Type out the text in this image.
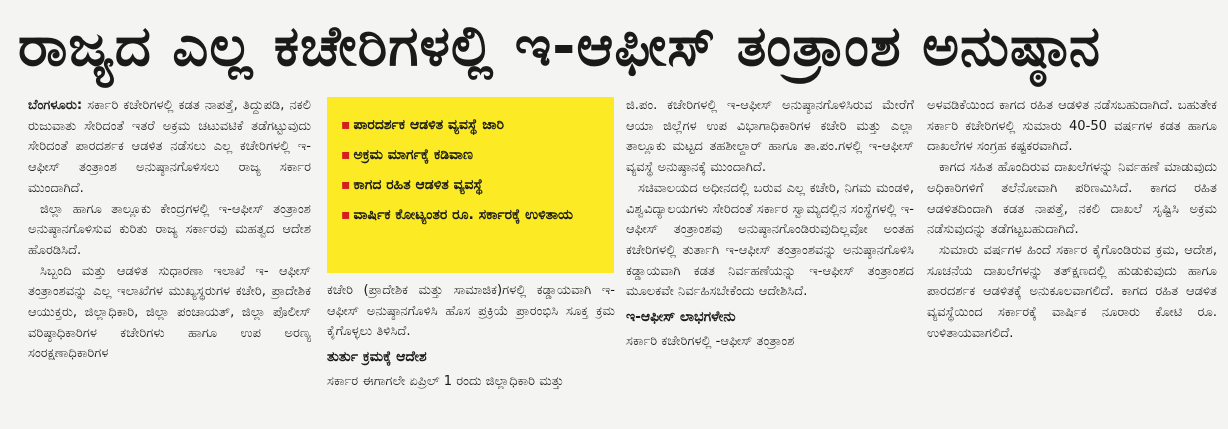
ರಾಜ್ಯದ ಎಲ್ಲ ಕಚೇರಿಗಳಲ್ಲಿ ಇ-ಆಫೀಸ್ ತಂತ್ರಾಂಶ ಅನುಷ್ಠಾನ
▪ ಪಾರದರ್ಶಕ ಆಡಳಿತ ವ್ಯವಸ್ಥೆ ಜಾರಿ
▪ ಅಕ್ರಮ ಮಾರ್ಗಕ್ಕೆ ಕಡಿವಾಣ
▪ ಕಾಗದ ರಹಿತ ಆಡಳಿತ ವ್ಯವಸ್ಥೆ
▪ ವಾರ್ಷಿಕ ಕೋಟ್ಯಂತರ ರೂ. ಸರ್ಕಾರಕ್ಕೆ ಉಳಿತಾಯ

ಬೆಂಗಳೂರು: ಸರ್ಕಾರಿ ಕಚೇರಿಗಳಲ್ಲಿ ಕಡತ ನಾಪತ್ತೆ, ತಿದ್ದುಪಡಿ, ನಕಲಿ ರುಜುವಾತು ಸೇರಿದಂತೆ ಇತರೆ ಅಕ್ರಮ ಚಟುವಟಿಕೆ ತಡೆಗಟ್ಟುವುದು ಸೇರಿದಂತೆ ಪಾರದರ್ಶಕ ಆಡಳಿತ ನಡೆಸಲು ಎಲ್ಲ ಕಚೇರಿಗಳಲ್ಲಿ ಇ-ಆಫೀಸ್ ತಂತ್ರಾಂಶ ಅನುಷ್ಠಾನಗೊಳಿಸಲು ರಾಜ್ಯ ಸರ್ಕಾರ ಮುಂದಾಗಿದೆ.

ಜಿಲ್ಲಾ ಹಾಗೂ ತಾಲ್ಲೂಕು ಕೇಂದ್ರಗಳಲ್ಲಿ ಇ-ಆಫೀಸ್ ತಂತ್ರಾಂಶ ಅನುಷ್ಠಾನಗೊಳಿಸುವ ಕುರಿತು ರಾಜ್ಯ ಸರ್ಕಾರವು ಮಹತ್ವದ ಆದೇಶ ಹೊರಡಿಸಿದೆ.

ಸಿಬ್ಬಂದಿ ಮತ್ತು ಆಡಳಿತ ಸುಧಾರಣಾ ಇಲಾಖೆ ಇ- ಆಫೀಸ್ ತಂತ್ರಾಂಶವನ್ನು ಎಲ್ಲ ಇಲಾಖೆಗಳ ಮುಖ್ಯಸ್ಥರುಗಳ ಕಚೇರಿ, ಪ್ರಾದೇಶಿಕ ಆಯುಕ್ತರು, ಜಿಲ್ಲಾಧಿಕಾರಿ, ಜಿಲ್ಲಾ ಪಂಚಾಯತ್, ಜಿಲ್ಲಾ ಪೊಲೀಸ್ ವರಿಷ್ಠಾಧಿಕಾರಿಗಳ ಕಚೇರಿಗಳು ಹಾಗೂ ಉಪ ಅರಣ್ಯ ಸಂರಕ್ಷಣಾಧಿಕಾರಿಗಳ

ಕಚೇರಿ (ಪ್ರಾದೇಶಿಕ ಮತ್ತು ಸಾಮಾಜಿಕ)ಗಳಲ್ಲಿ ಕಡ್ಡಾಯವಾಗಿ ಇ-ಆಫೀಸ್ ಅನುಷ್ಠಾನಗೊಳಿಸಿ ಹೊಸ ಪ್ರಕ್ರಿಯೆ ಪ್ರಾರಂಭಿಸಿ ಸೂಕ್ತ ಕ್ರಮ ಕೈಗೊಳ್ಳಲು ತಿಳಿಸಿದೆ.

ತುರ್ತು ಕ್ರಮಕ್ಕೆ ಆದೇಶ

ಸರ್ಕಾರ ಈಗಾಗಲೇ ಏಪ್ರಿಲ್ 1 ರಂದು ಜಿಲ್ಲಾಧಿಕಾರಿ ಮತ್ತು

ಜಿ.ಪಂ. ಕಚೇರಿಗಳಲ್ಲಿ ಇ-ಆಫೀಸ್ ಅನುಷ್ಠಾನಗೊಳಿಸಿರುವ ಮೇರೆಗೆ ಆಯಾ ಜಿಲ್ಲೆಗಳ ಉಪ ವಿಭಾಗಾಧಿಕಾರಿಗಳ ಕಚೇರಿ ಮತ್ತು ಎಲ್ಲಾ ತಾಲ್ಲೂಕು ಮಟ್ಟದ ತಹಶೀಲ್ದಾರ್ ಹಾಗೂ ತಾ.ಪಂ.ಗಳಲ್ಲಿ ಇ-ಆಫೀಸ್ ವ್ಯವಸ್ಥೆ ಅನುಷ್ಠಾನಕ್ಕೆ ಮುಂದಾಗಿದೆ.

ಸಚಿವಾಲಯದ ಅಧೀನದಲ್ಲಿ ಬರುವ ಎಲ್ಲ ಕಚೇರಿ, ನಿಗಮ ಮಂಡಳಿ, ವಿಶ್ವವಿದ್ಯಾಲಯಗಳು ಸೇರಿದಂತೆ ಸರ್ಕಾರ ಸ್ವಾಮ್ಯದಲ್ಲಿನ ಸಂಸ್ಥೆಗಳಲ್ಲಿ ಇ-ಆಫೀಸ್ ತಂತ್ರಾಂಶವು ಅನುಷ್ಠಾನಗೊಂಡಿರುವುದಿಲ್ಲವೋ ಅಂತಹ ಕಚೇರಿಗಳಲ್ಲಿ ತುರ್ತಾಗಿ ಇ-ಆಫೀಸ್ ತಂತ್ರಾಂಶವನ್ನು ಅನುಷ್ಠಾನಗೊಳಿಸಿ ಕಡ್ಡಾಯವಾಗಿ ಕಡತ ನಿರ್ವಹಣೆಯನ್ನು ಇ-ಆಫೀಸ್ ತಂತ್ರಾಂಶದ ಮೂಲಕವೇ ನಿರ್ವಹಿಸಬೇಕೆಂದು ಆದೇಶಿಸಿದೆ.

ಇ-ಆಫೀಸ್ ಲಾಭಗಳೇನು

ಸರ್ಕಾರಿ ಕಚೇರಿಗಳಲ್ಲಿ -ಆಫೀಸ್ ತಂತ್ರಾಂಶ

ಅಳವಡಿಕೆಯಿಂದ ಕಾಗದ ರಹಿತ ಆಡಳಿತ ನಡೆಸಬಹುದಾಗಿದೆ. ಬಹುತೇಕ ಸರ್ಕಾರಿ ಕಚೇರಿಗಳಲ್ಲಿ ಸುಮಾರು 40-50 ವರ್ಷಗಳ ಕಡತ ಹಾಗೂ ದಾಖಲೆಗಳ ಸಂಗ್ರಹ ಕಷ್ಟಕರವಾಗಿದೆ.

ಕಾಗದ ಸಹಿತ ಹೊಂದಿರುವ ದಾಖಲೆಗಳನ್ನು ನಿರ್ವಹಣೆ ಮಾಡುವುದು ಅಧಿಕಾರಿಗಳಿಗೆ ತಲೆನೋವಾಗಿ ಪರಿಣಮಿಸಿದೆ. ಕಾಗದ ರಹಿತ ಆಡಳಿತದಿಂದಾಗಿ ಕಡತ ನಾಪತ್ತೆ, ನಕಲಿ ದಾಖಲೆ ಸೃಷ್ಟಿಸಿ ಅಕ್ರಮ ನಡೆಸುವುದನ್ನು ತಡೆಗಟ್ಟಬಹುದಾಗಿದೆ.

ಸುಮಾರು ವರ್ಷಗಳ ಹಿಂದೆ ಸರ್ಕಾರ ಕೈಗೊಂಡಿರುವ ಕ್ರಮ, ಆದೇಶ, ಸೂಚನೆಯ ದಾಖಲೆಗಳನ್ನು ತತ್‌ಕ್ಷಣದಲ್ಲಿ ಹುಡುಕುವುದು ಹಾಗೂ ಪಾರದರ್ಶಕ ಆಡಳಿತಕ್ಕೆ ಅನುಕೂಲವಾಗಲಿದೆ. ಕಾಗದ ರಹಿತ ಆಡಳಿತ ವ್ಯವಸ್ಥೆಯಿಂದ ಸರ್ಕಾರಕ್ಕೆ ವಾರ್ಷಿಕ ನೂರಾರು ಕೋಟಿ ರೂ. ಉಳಿತಾಯವಾಗಲಿದೆ.
